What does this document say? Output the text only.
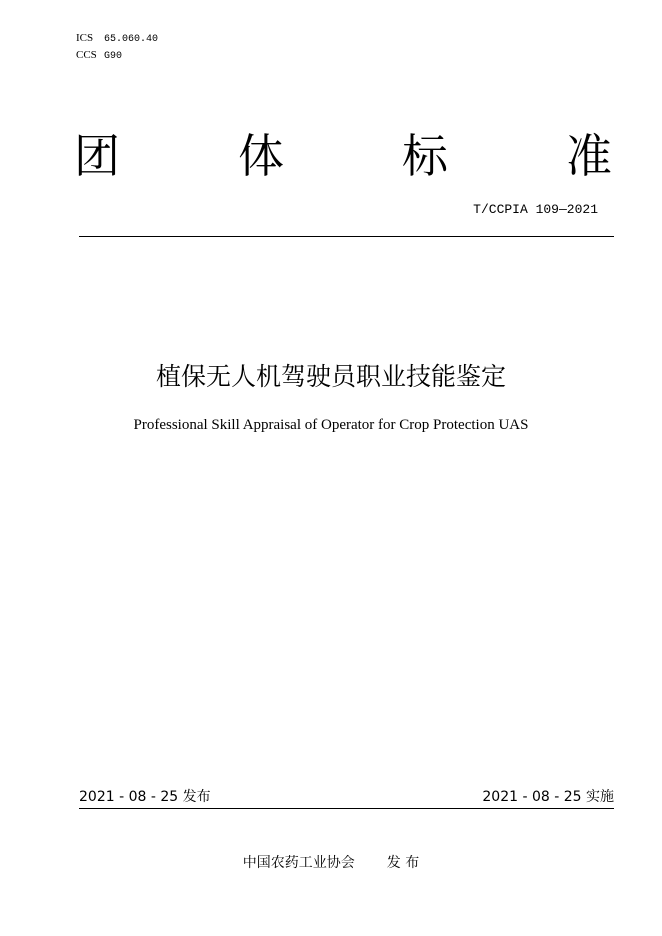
ICS 65.060.40
CCS G90
团	体	标	准
T/CCPIA 109—2021
植保无人机驾驶员职业技能鉴定
Professional Skill Appraisal of Operator for Crop Protection UAS
2021 - 08 - 25 发布	2021 - 08 - 25 实施
中国农药工业协会 发 布
